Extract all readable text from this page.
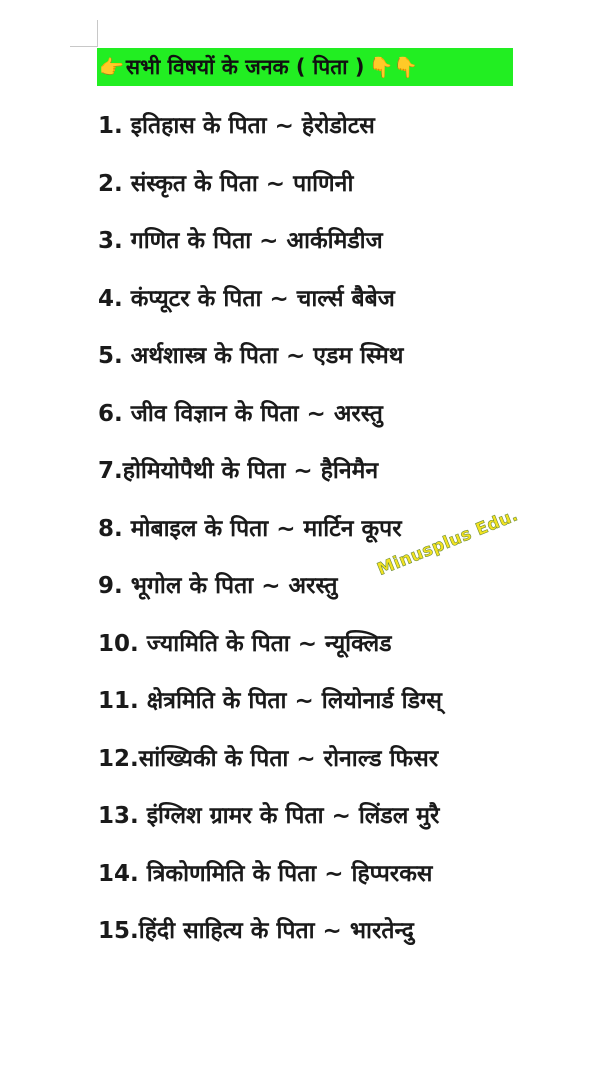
👉 सभी विषयों के जनक ( पिता ) 👇 👇
1. इतिहास के पिता ~ हेरोडोटस
2. संस्कृत के पिता ~ पाणिनी
3. गणित के पिता ~ आर्कमिडीज
4. कंप्यूटर के पिता ~ चार्ल्स बैबेज
5. अर्थशास्त्र के पिता ~ एडम स्मिथ
6. जीव विज्ञान के पिता ~ अरस्तु
7.होमियोपैथी के पिता ~ हैनिमैन
8. मोबाइल के पिता ~ मार्टिन कूपर
9. भूगोल के पिता ~ अरस्तु
10. ज्यामिति के पिता ~ न्यूक्लिड
11. क्षेत्रमिति के पिता ~ लियोनार्ड डिग्स्
12.सांख्यिकी के पिता ~ रोनाल्ड फिसर
13. इंग्लिश ग्रामर के पिता ~ लिंडल मुरै
14. त्रिकोणमिति के पिता ~ हिप्परकस
15.हिंदी साहित्य के पिता ~ भारतेन्दु
Minusplus Edu.
